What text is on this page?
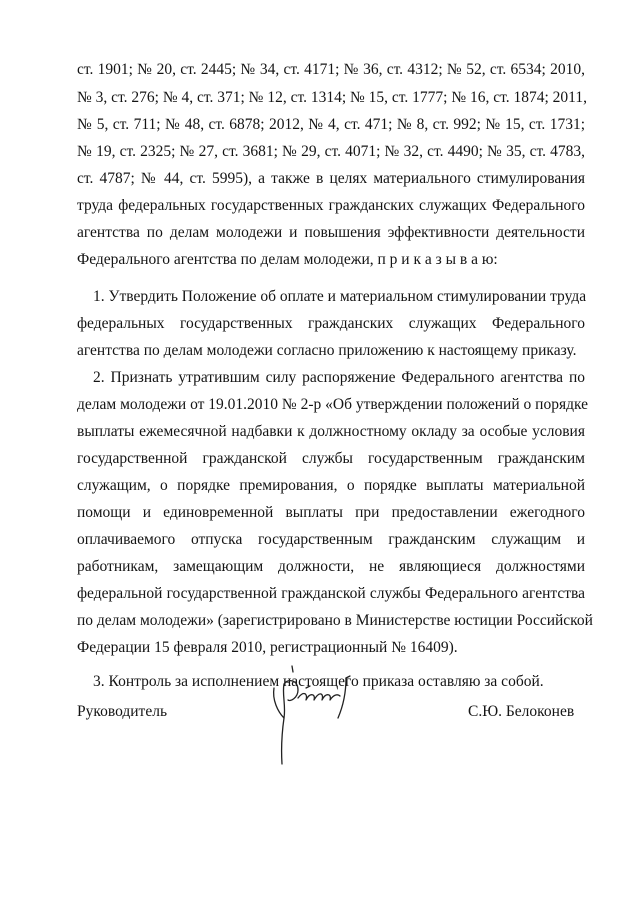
ст. 1901; № 20, ст. 2445; № 34, ст. 4171; № 36, ст. 4312; № 52, ст. 6534; 2010,
№ 3, ст. 276; № 4, ст. 371; № 12, ст. 1314; № 15, ст. 1777; № 16, ст. 1874; 2011,
№ 5, ст. 711; № 48, ст. 6878; 2012, № 4, ст. 471; № 8, ст. 992; № 15, ст. 1731;
№ 19, ст. 2325; № 27, ст. 3681; № 29, ст. 4071; № 32, ст. 4490; № 35, ст. 4783,
ст. 4787; № 44, ст. 5995), а также в целях материального стимулирования
труда федеральных государственных гражданских служащих Федерального
агентства по делам молодежи и повышения эффективности деятельности
Федерального агентства по делам молодежи, п р и к а з ы в а ю:
1. Утвердить Положение об оплате и материальном стимулировании труда
федеральных государственных гражданских служащих Федерального
агентства по делам молодежи согласно приложению к настоящему приказу.
2. Признать утратившим силу распоряжение Федерального агентства по
делам молодежи от 19.01.2010 № 2-р «Об утверждении положений о порядке
выплаты ежемесячной надбавки к должностному окладу за особые условия
государственной гражданской службы государственным гражданским
служащим, о порядке премирования, о порядке выплаты материальной
помощи и единовременной выплаты при предоставлении ежегодного
оплачиваемого отпуска государственным гражданским служащим и
работникам, замещающим должности, не являющиеся должностями
федеральной государственной гражданской службы Федерального агентства
по делам молодежи» (зарегистрировано в Министерстве юстиции Российской
Федерации 15 февраля 2010, регистрационный № 16409).
3. Контроль за исполнением настоящего приказа оставляю за собой.
Руководитель	С.Ю. Белоконев
